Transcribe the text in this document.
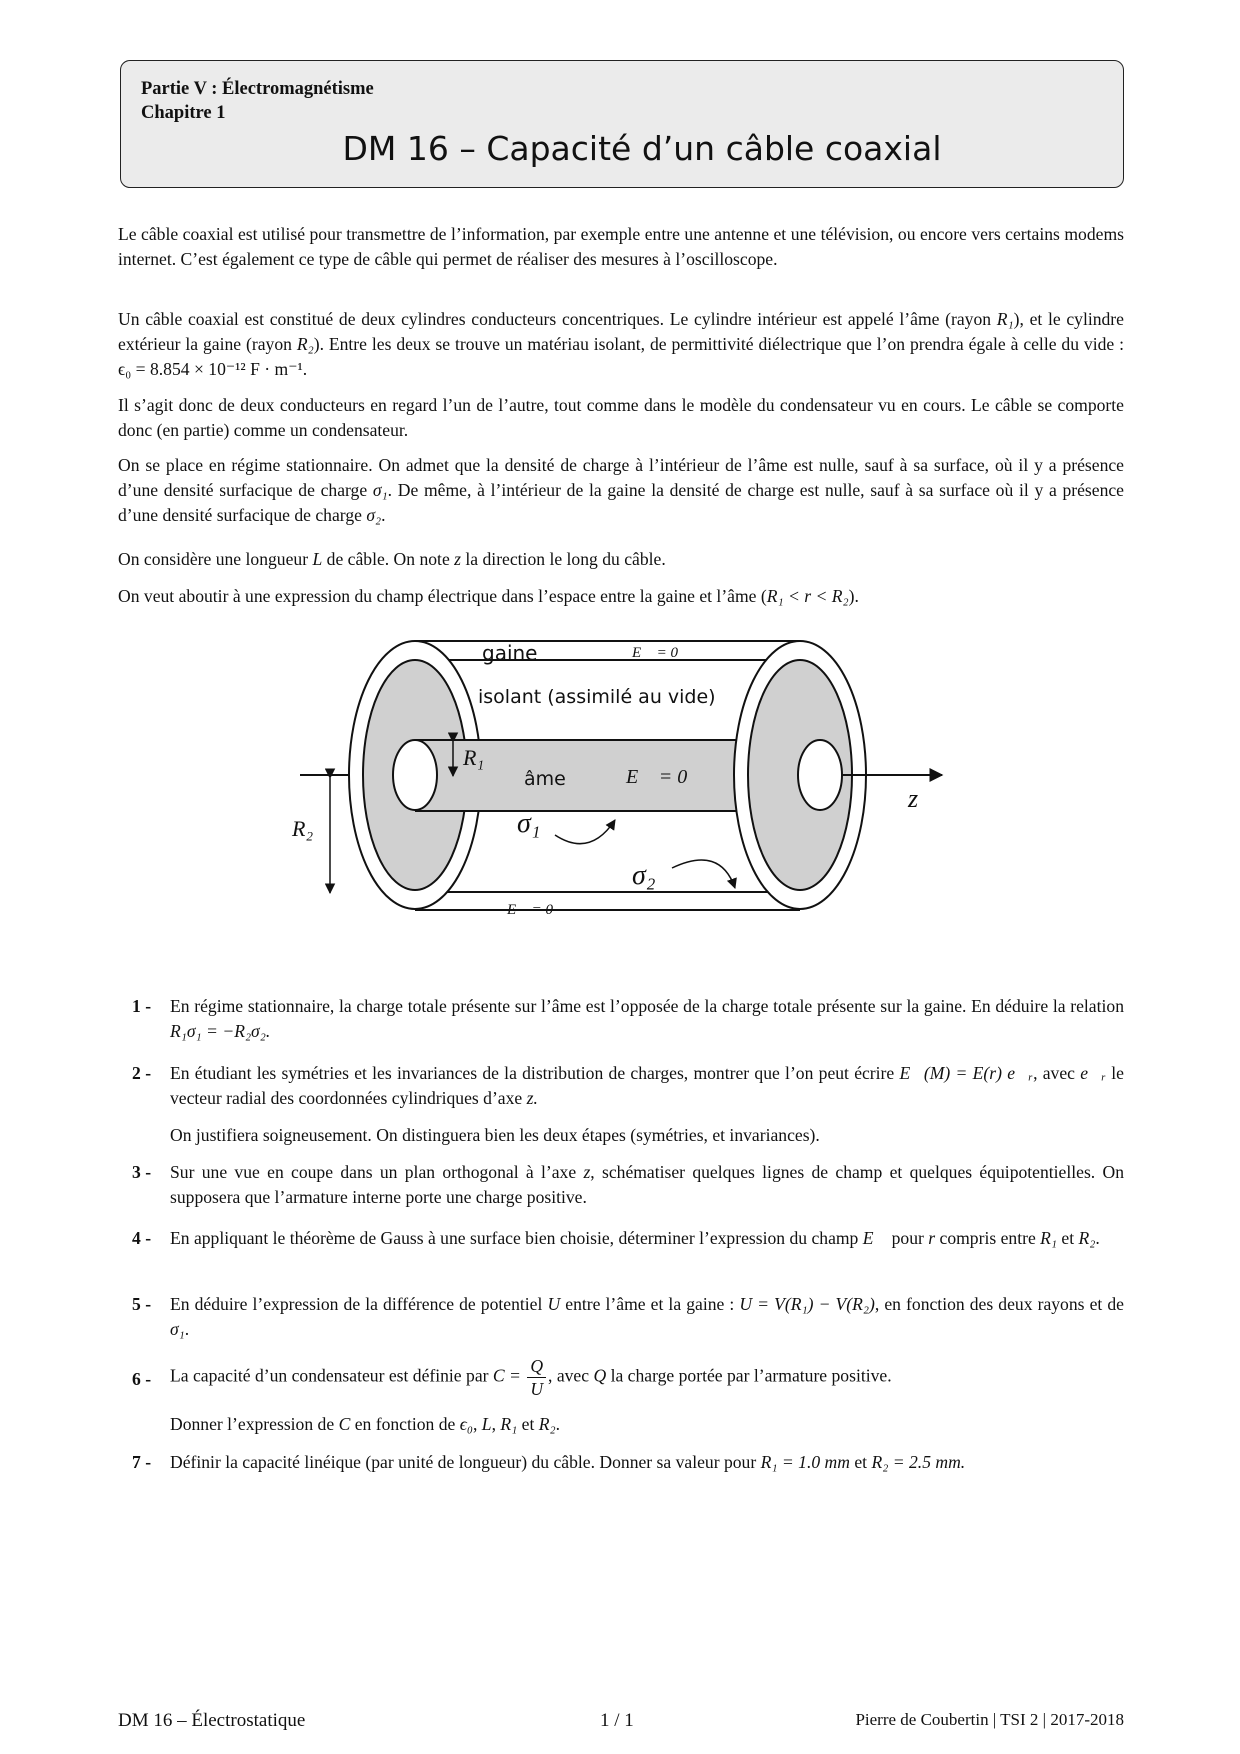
Partie V : Électromagnétisme
Chapitre 1
DM 16 – Capacité d’un câble coaxial

Le câble coaxial est utilisé pour transmettre de l’information, par exemple entre une antenne et une télévision, ou encore vers certains modems internet. C’est également ce type de câble qui permet de réaliser des mesures à l’oscilloscope.

Un câble coaxial est constitué de deux cylindres conducteurs concentriques. Le cylindre intérieur est appelé l’âme (rayon R₁), et le cylindre extérieur la gaine (rayon R₂). Entre les deux se trouve un matériau isolant, de permittivité diélectrique que l’on prendra égale à celle du vide : ϵ₀ = 8.854 × 10⁻¹² F · m⁻¹.

Il s’agit donc de deux conducteurs en regard l’un de l’autre, tout comme dans le modèle du condensateur vu en cours. Le câble se comporte donc (en partie) comme un condensateur.

On se place en régime stationnaire. On admet que la densité de charge à l’intérieur de l’âme est nulle, sauf à sa surface, où il y a présence d’une densité surfacique de charge σ₁. De même, à l’intérieur de la gaine la densité de charge est nulle, sauf à sa surface où il y a présence d’une densité surfacique de charge σ₂.

On considère une longueur L de câble. On note z la direction le long du câble.

On veut aboutir à une expression du champ électrique dans l’espace entre la gaine et l’âme (R₁ < r < R₂).

gaine	E⃗ = 0⃗
isolant (assimilé au vide)
R₁
âme	E⃗ = 0⃗
z
R₂	σ₁
σ₂
E⃗ = 0⃗
1 - En régime stationnaire, la charge totale présente sur l’âme est l’opposée de la charge totale présente sur la gaine. En déduire la relation R₁σ₁ = −R₂σ₂.
2 - En étudiant les symétries et les invariances de la distribution de charges, montrer que l’on peut écrire E⃗(M) = E(r) e⃗ᵣ, avec e⃗ᵣ le vecteur radial des coordonnées cylindriques d’axe z.
On justifiera soigneusement. On distinguera bien les deux étapes (symétries, et invariances).
3 - Sur une vue en coupe dans un plan orthogonal à l’axe z, schématiser quelques lignes de champ et quelques équipotentielles. On supposera que l’armature interne porte une charge positive.
4 - En appliquant le théorème de Gauss à une surface bien choisie, déterminer l’expression du champ E⃗ pour r compris entre R₁ et R₂.
5 - En déduire l’expression de la différence de potentiel U entre l’âme et la gaine : U = V(R₁) − V(R₂), en fonction des deux rayons et de σ₁.
6 - La capacité d’un condensateur est définie par $C = \frac{Q}{U}$ , avec Q la charge portée par l’armature positive.
Donner l’expression de C en fonction de ϵ₀, L, R₁ et R₂.
7 - Définir la capacité linéique (par unité de longueur) du câble. Donner sa valeur pour R₁ = 1.0 mm et R₂ = 2.5 mm.
DM 16 – Électrostatique	1 / 1	Pierre de Coubertin | TSI 2 | 2017-2018
